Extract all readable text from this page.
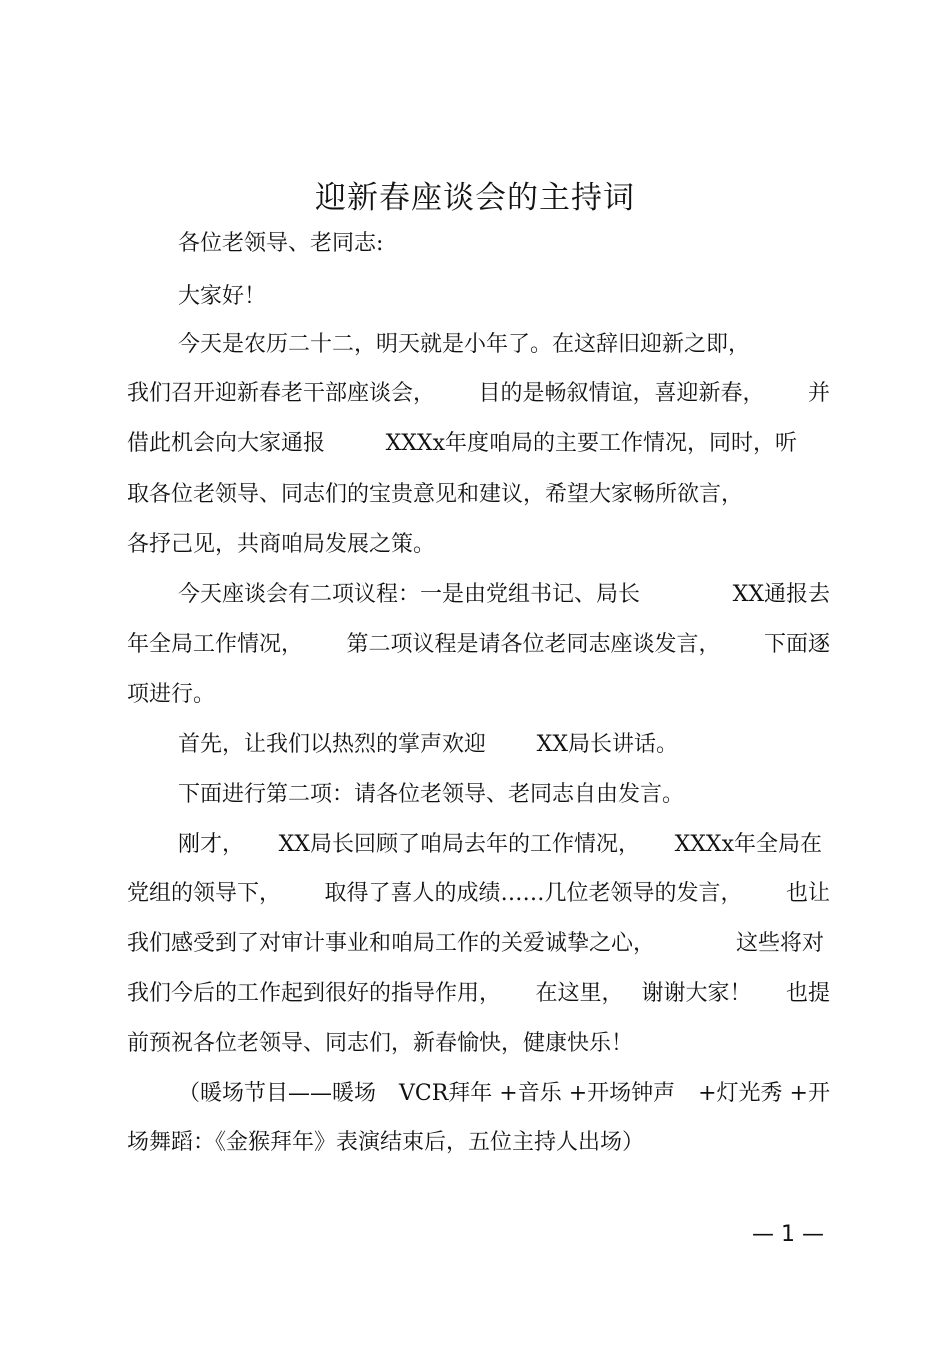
迎新春座谈会的主持词
各位老领导、老同志:
大家好！
今天是农历二十二，明天就是小年了。在这辞旧迎新之即，
我们召开迎新春老干部座谈会， 目的是畅叙情谊，喜迎新春， 并
借此机会向大家通报	XXXx年度咱局的主要工作情况，同时，听
取各位老领导、同志们的宝贵意见和建议，希望大家畅所欲言，
各抒己见，共商咱局发展之策。
今天座谈会有二项议程：一是由党组书记、局长	XX通报去
年全局工作情况， 第二项议程是请各位老同志座谈发言， 下面逐
项进行。
首先，让我们以热烈的掌声欢迎 XX局长讲话。
下面进行第二项：请各位老领导、老同志自由发言。
刚才， XX局长回顾了咱局去年的工作情况， XXXx年全局在
党组的领导下， 取得了喜人的成绩……几位老领导的发言， 也让
我们感受到了对审计事业和咱局工作的关爱诚挚之心，	这些将对
我们今后的工作起到很好的指导作用， 在这里， 谢谢大家！ 也提
前预祝各位老领导、同志们，新春愉快，健康快乐！
（暖场节目——暖场 VCR拜年 +音乐 +开场钟声 +灯光秀 +开
场舞蹈：《金猴拜年》表演结束后，五位主持人出场）
— 1 —
